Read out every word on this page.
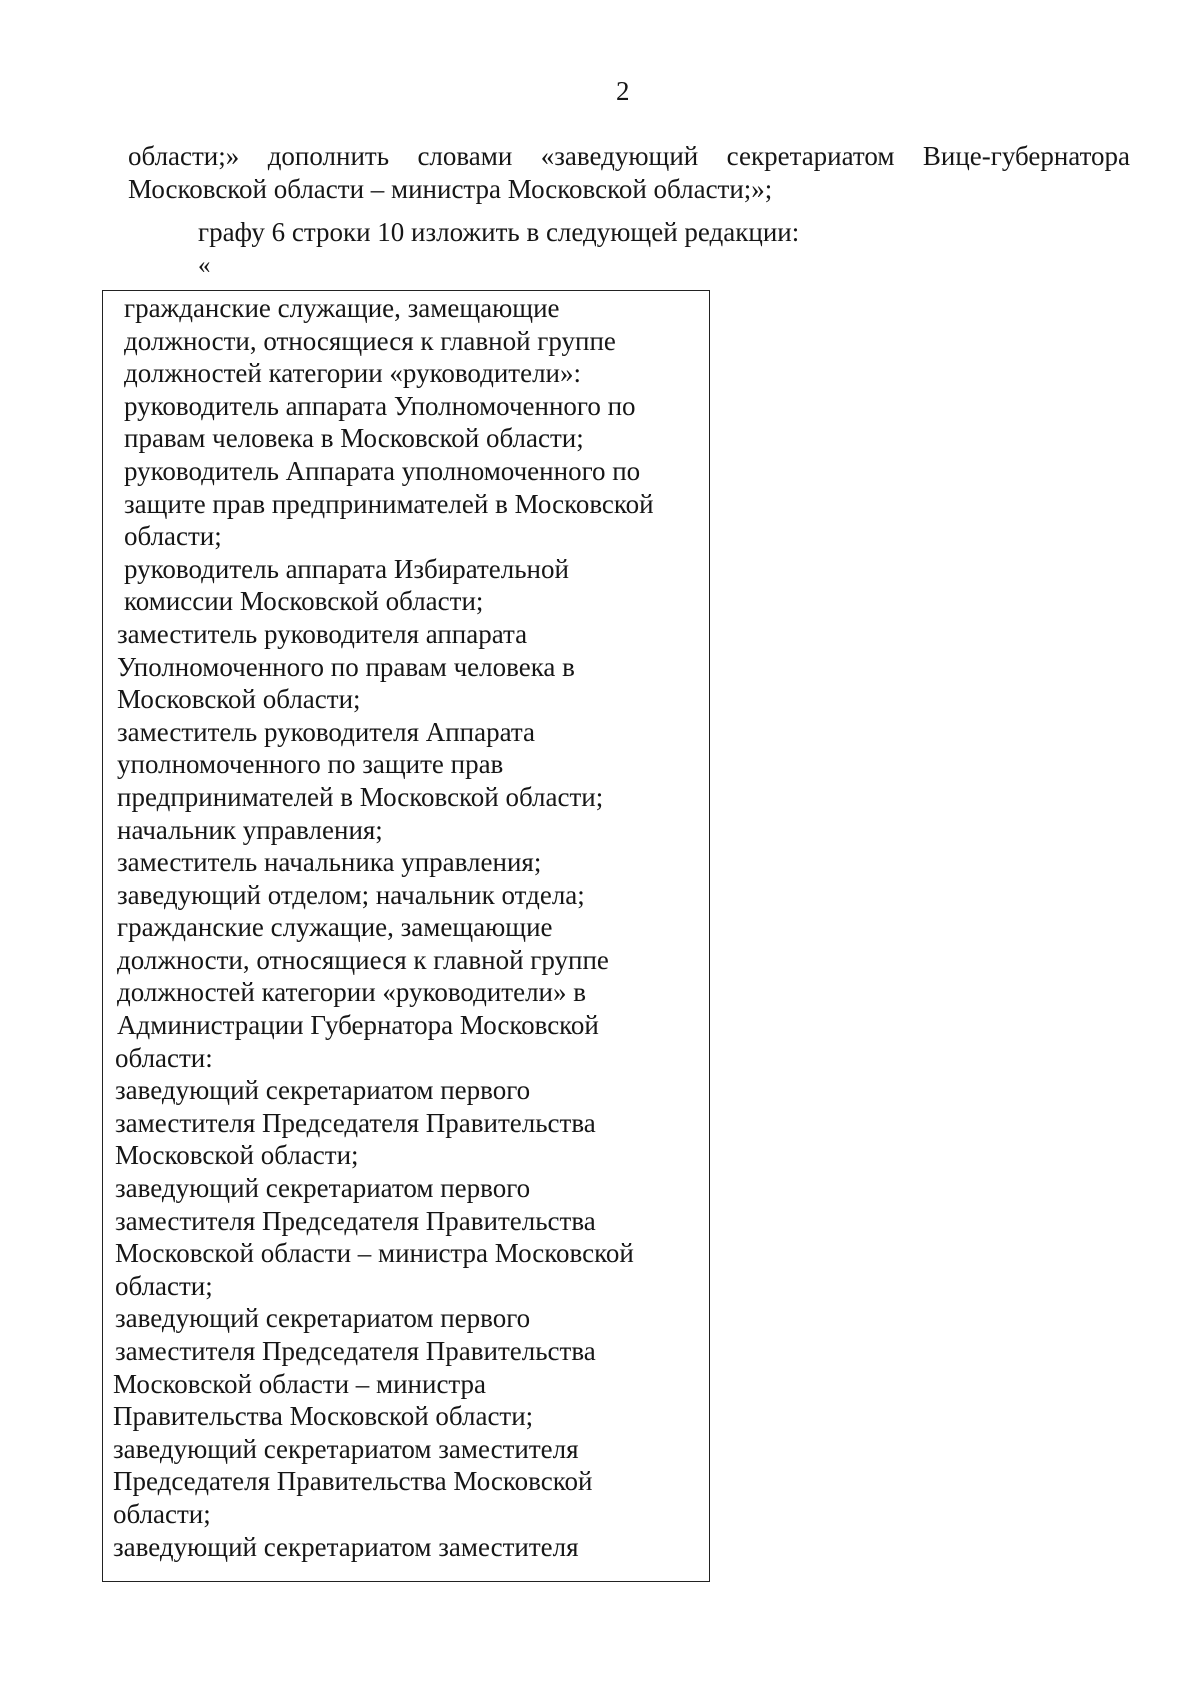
2
области;» дополнить словами «заведующий секретариатом Вице-губернатора
Московской области – министра Московской области;»;
графу 6 строки 10 изложить в следующей редакции:
«
гражданские служащие, замещающие
должности, относящиеся к главной группе
должностей категории «руководители»:
руководитель аппарата Уполномоченного по
правам человека в Московской области;
руководитель Аппарата уполномоченного по
защите прав предпринимателей в Московской
области;
руководитель аппарата Избирательной
комиссии Московской области;
заместитель руководителя аппарата
Уполномоченного по правам человека в
Московской области;
заместитель руководителя Аппарата
уполномоченного по защите прав
предпринимателей в Московской области;
начальник управления;
заместитель начальника управления;
заведующий отделом; начальник отдела;
гражданские служащие, замещающие
должности, относящиеся к главной группе
должностей категории «руководители» в
Администрации Губернатора Московской
области:
заведующий секретариатом первого
заместителя Председателя Правительства
Московской области;
заведующий секретариатом первого
заместителя Председателя Правительства
Московской области – министра Московской
области;
заведующий секретариатом первого
заместителя Председателя Правительства
Московской области – министра
Правительства Московской области;
заведующий секретариатом заместителя
Председателя Правительства Московской
области;
заведующий секретариатом заместителя
